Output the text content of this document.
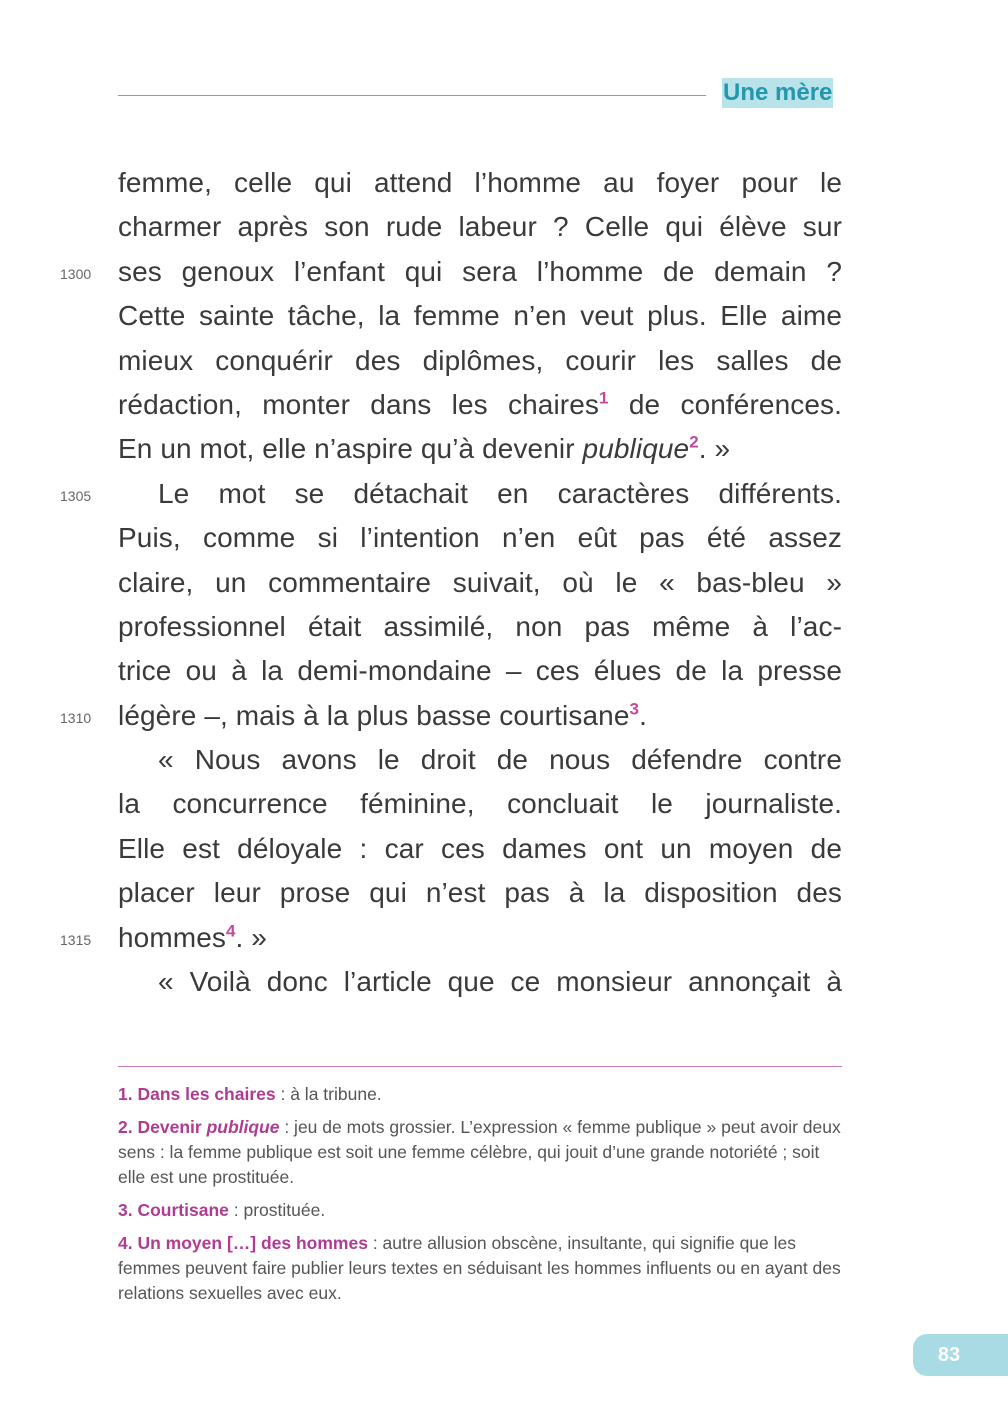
Une mère
1300
1305
1310
1315
femme, celle qui attend l’homme au foyer pour le
charmer après son rude labeur ? Celle qui élève sur
ses genoux l’enfant qui sera l’homme de demain ?
Cette sainte tâche, la femme n’en veut plus. Elle aime
mieux conquérir des diplômes, courir les salles de
rédaction, monter dans les chaires$^1$ de conférences.
En un mot, elle n’aspire qu’à devenir publique$^2$. »
Le mot se détachait en caractères différents.
Puis, comme si l’intention n’en eût pas été assez
claire, un commentaire suivait, où le « bas-bleu »
professionnel était assimilé, non pas même à l’ac-
trice ou à la demi-mondaine – ces élues de la presse
légère –, mais à la plus basse courtisane$^3$.
« Nous avons le droit de nous défendre contre
la concurrence féminine, concluait le journaliste.
Elle est déloyale : car ces dames ont un moyen de
placer leur prose qui n’est pas à la disposition des
hommes$^4$. »
« Voilà donc l’article que ce monsieur annonçait à
1. Dans les chaires : à la tribune.
2. Devenir publique : jeu de mots grossier. L’expression « femme publique » peut avoir deux sens : la femme publique est soit une femme célèbre, qui jouit d’une grande notoriété ; soit elle est une prostituée.
3. Courtisane : prostituée.
4. Un moyen […] des hommes : autre allusion obscène, insultante, qui signifie que les femmes peuvent faire publier leurs textes en séduisant les hommes influents ou en ayant des relations sexuelles avec eux.
83
